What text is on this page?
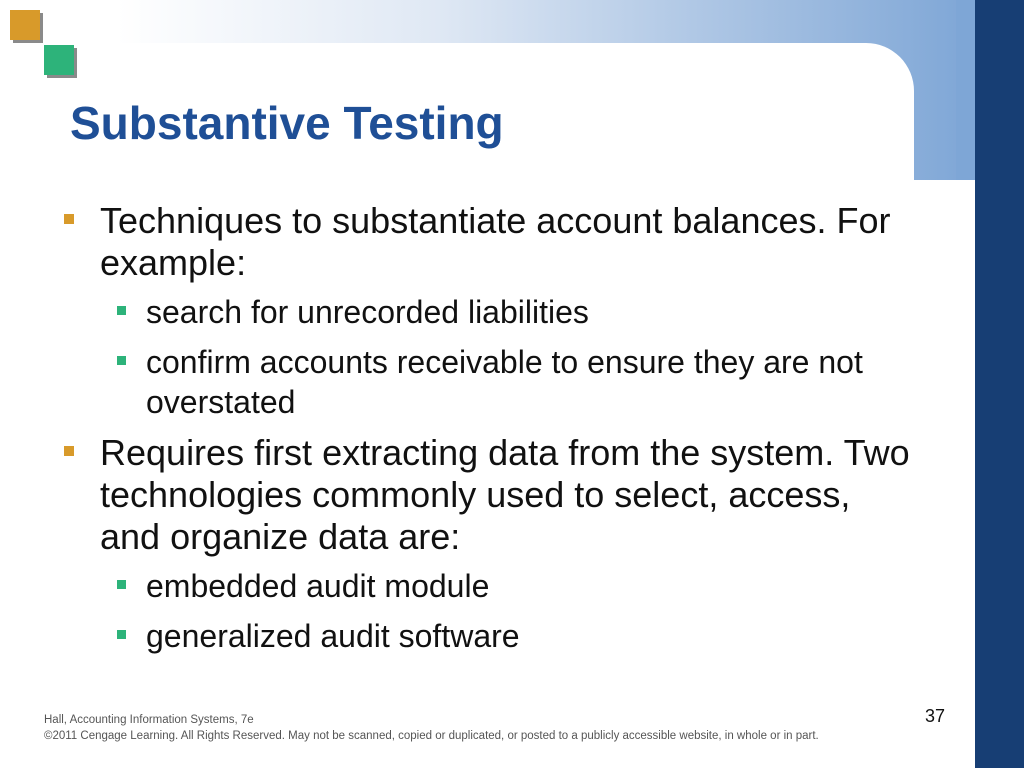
Substantive Testing
Techniques to substantiate account balances. For example:
search for unrecorded liabilities
confirm accounts receivable to ensure they are not overstated
Requires first extracting data from the system. Two technologies commonly used to select, access, and organize data are:
embedded audit module
generalized audit software
Hall, Accounting Information Systems, 7e
©2011 Cengage Learning. All Rights Reserved. May not be scanned, copied or duplicated, or posted to a publicly accessible website, in whole or in part.
37
